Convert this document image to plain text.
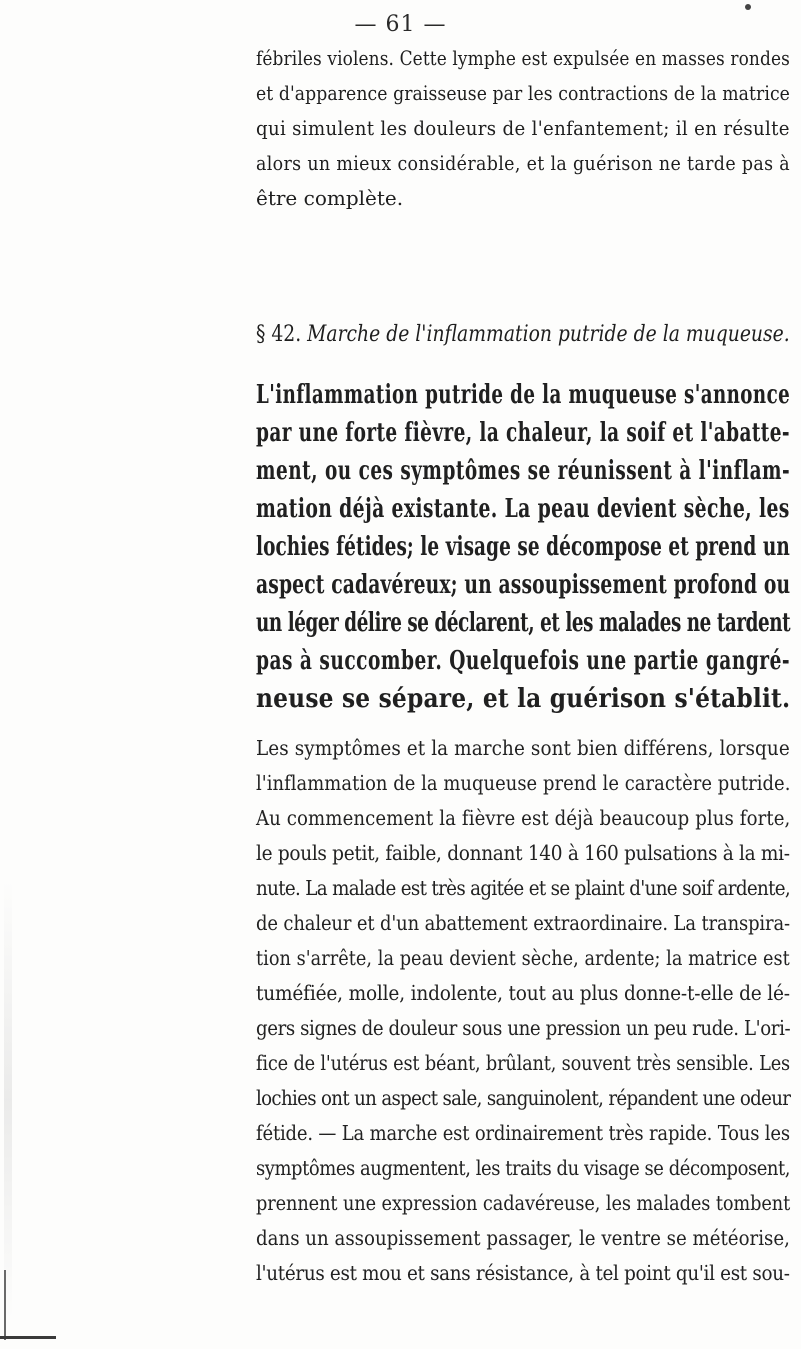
— 61 —
fébriles violens. Cette lymphe est expulsée en masses rondes
et d'apparence graisseuse par les contractions de la matrice
qui simulent les douleurs de l'enfantement; il en résulte
alors un mieux considérable, et la guérison ne tarde pas à
être complète.
§ 42. Marche de l'inflammation putride de la muqueuse.
L'inflammation putride de la muqueuse s'annonce
par une forte fièvre, la chaleur, la soif et l'abatte-
ment, ou ces symptômes se réunissent à l'inflam-
mation déjà existante. La peau devient sèche, les
lochies fétides; le visage se décompose et prend un
aspect cadavéreux; un assoupissement profond ou
un léger délire se déclarent, et les malades ne tardent
pas à succomber. Quelquefois une partie gangré-
neuse se sépare, et la guérison s'établit.
Les symptômes et la marche sont bien différens, lorsque
l'inflammation de la muqueuse prend le caractère putride.
Au commencement la fièvre est déjà beaucoup plus forte,
le pouls petit, faible, donnant 140 à 160 pulsations à la mi-
nute. La malade est très agitée et se plaint d'une soif ardente,
de chaleur et d'un abattement extraordinaire. La transpira-
tion s'arrête, la peau devient sèche, ardente; la matrice est
tuméfiée, molle, indolente, tout au plus donne-t-elle de lé-
gers signes de douleur sous une pression un peu rude. L'ori-
fice de l'utérus est béant, brûlant, souvent très sensible. Les
lochies ont un aspect sale, sanguinolent, répandent une odeur
fétide. — La marche est ordinairement très rapide. Tous les
symptômes augmentent, les traits du visage se décomposent,
prennent une expression cadavéreuse, les malades tombent
dans un assoupissement passager, le ventre se météorise,
l'utérus est mou et sans résistance, à tel point qu'il est sou-
